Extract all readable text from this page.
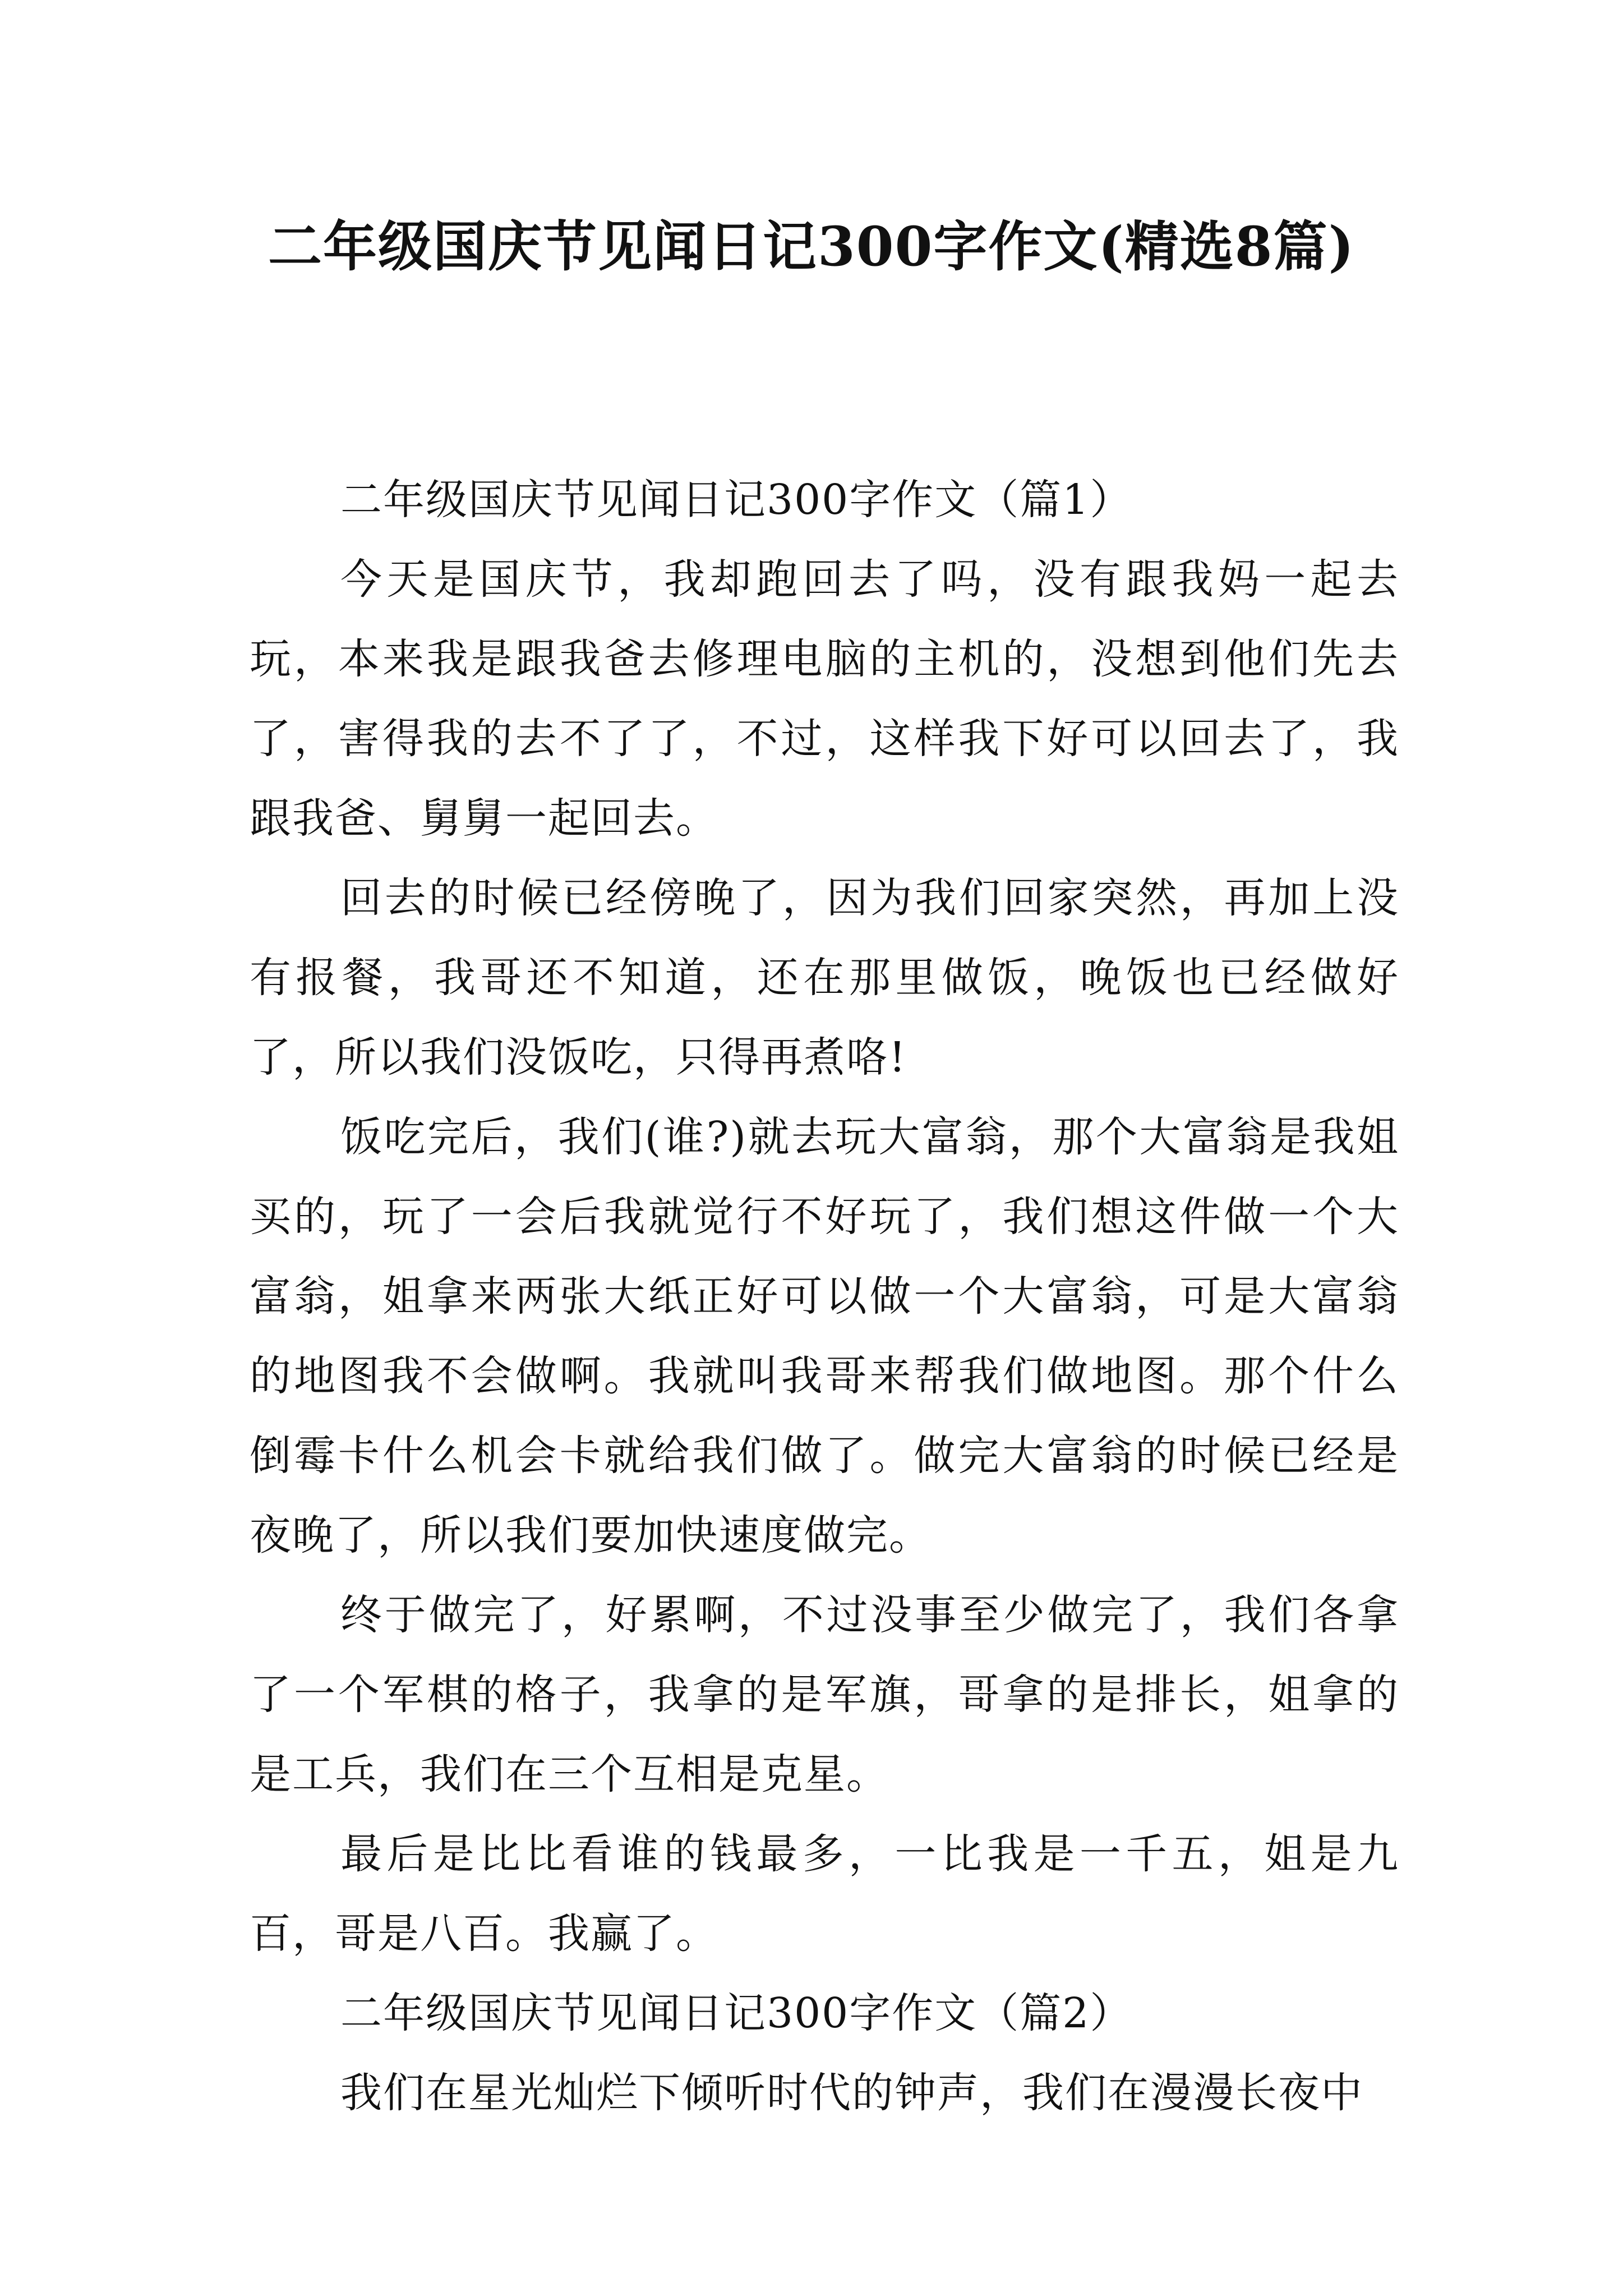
二年级国庆节见闻日记300字作文(精选8篇)

二年级国庆节见闻日记300字作文（篇1）

今天是国庆节，我却跑回去了吗，没有跟我妈一起去玩，本来我是跟我爸去修理电脑的主机的，没想到他们先去了，害得我的去不了了，不过，这样我下好可以回去了，我跟我爸、舅舅一起回去。

回去的时候已经傍晚了，因为我们回家突然，再加上没有报餐，我哥还不知道，还在那里做饭，晚饭也已经做好了，所以我们没饭吃，只得再煮咯!

饭吃完后，我们(谁?)就去玩大富翁，那个大富翁是我姐买的，玩了一会后我就觉行不好玩了，我们想这件做一个大富翁，姐拿来两张大纸正好可以做一个大富翁，可是大富翁的地图我不会做啊。我就叫我哥来帮我们做地图。那个什么倒霉卡什么机会卡就给我们做了。做完大富翁的时候已经是夜晚了，所以我们要加快速度做完。

终于做完了，好累啊，不过没事至少做完了，我们各拿了一个军棋的格子，我拿的是军旗，哥拿的是排长，姐拿的是工兵，我们在三个互相是克星。

最后是比比看谁的钱最多，一比我是一千五，姐是九百，哥是八百。我赢了。

二年级国庆节见闻日记300字作文（篇2）

我们在星光灿烂下倾听时代的钟声，我们在漫漫长夜中
